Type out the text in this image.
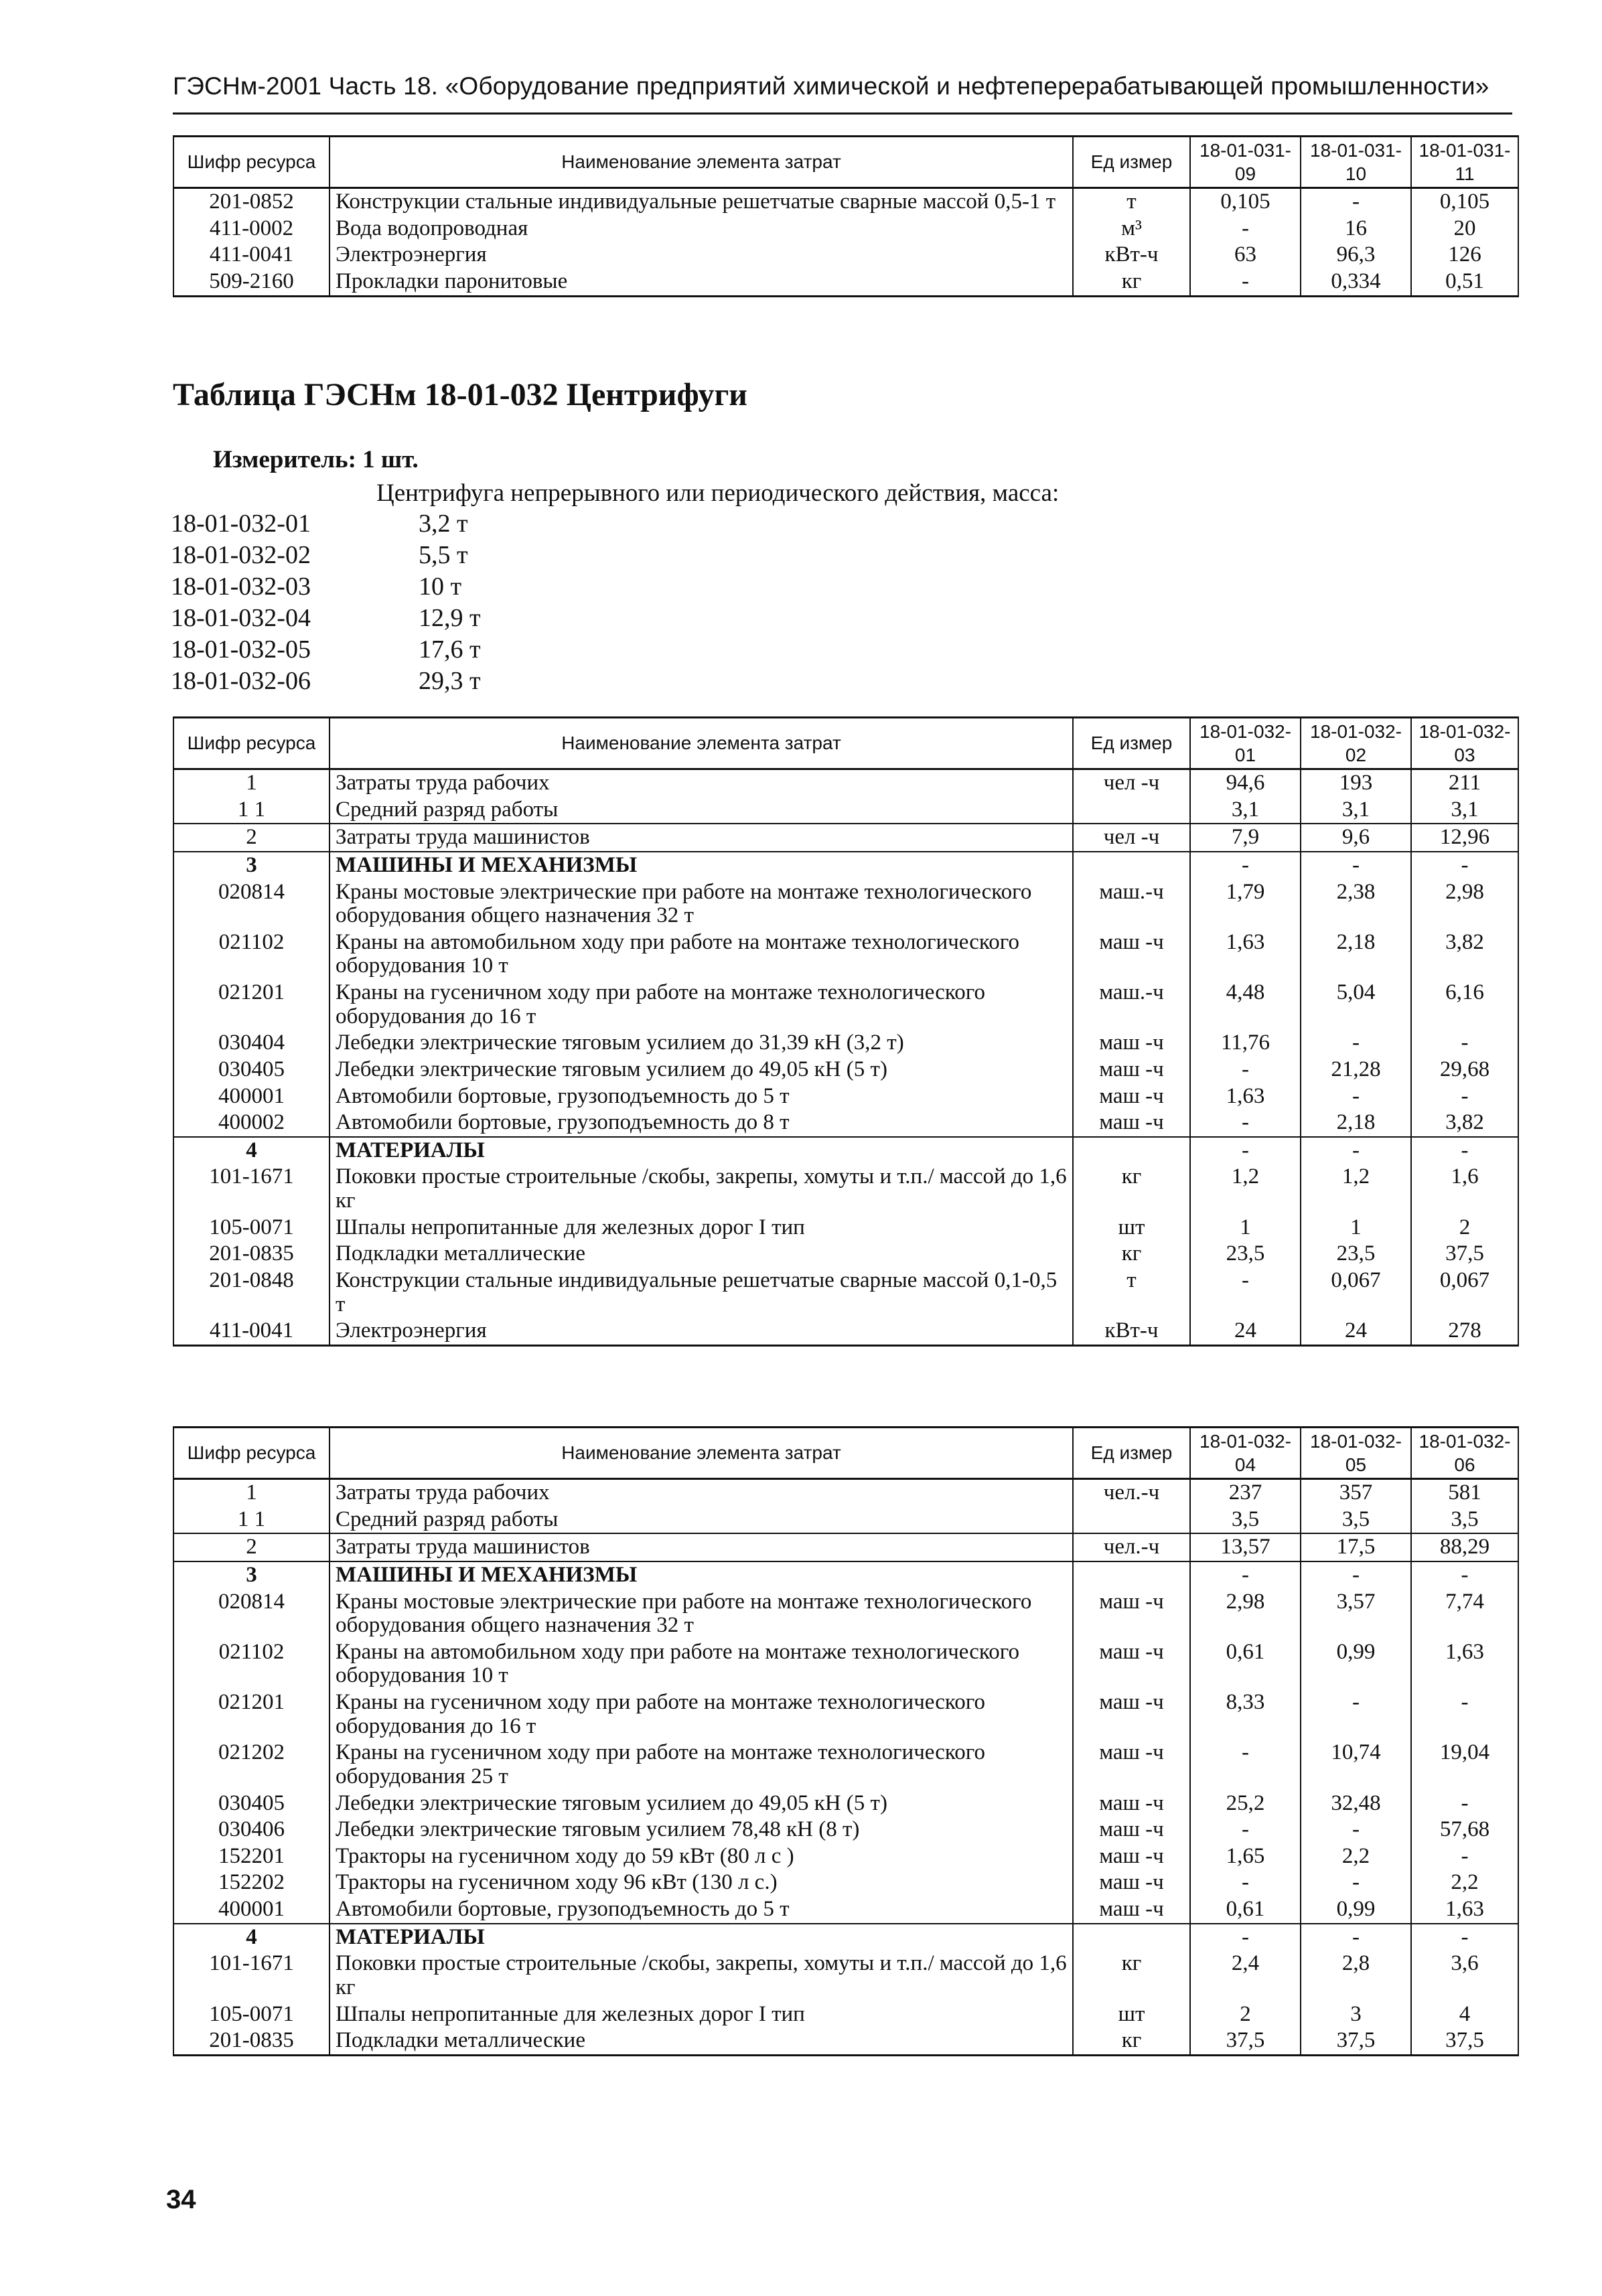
ГЭСНм-2001 Часть 18. «Оборудование предприятий химической и нефтеперерабатывающей промышленности»
Шифр ресурса	Наименование элемента затрат	Ед измер	18-01-031-09	18-01-031-10	18-01-031-11
201-0852	Конструкции стальные индивидуальные решетчатые сварные массой 0,5-1 т	т	0,105	-	0,105
411-0002	Вода водопроводная	м³	-	16	20
411-0041	Электроэнергия	кВт-ч	63	96,3	126
509-2160	Прокладки паронитовые	кг	-	0,334	0,51
Таблица ГЭСНм 18-01-032 Центрифуги
Измеритель: 1 шт.
Центрифуга непрерывного или периодического действия, масса:
18-01-032-01	3,2 т
18-01-032-02	5,5 т
18-01-032-03	10 т
18-01-032-04	12,9 т
18-01-032-05	17,6 т
18-01-032-06	29,3 т
Шифр ресурса	Наименование элемента затрат	Ед измер	18-01-032-01	18-01-032-02	18-01-032-03
1	Затраты труда рабочих	чел -ч	94,6	193	211
1 1	Средний разряд работы		3,1	3,1	3,1
2	Затраты труда машинистов	чел -ч	7,9	9,6	12,96
3	МАШИНЫ И МЕХАНИЗМЫ		-	-	-
020814	Краны мостовые электрические при работе на монтаже технологического оборудования общего назначения 32 т	маш.-ч	1,79	2,38	2,98
021102	Краны на автомобильном ходу при работе на монтаже технологического оборудования 10 т	маш -ч	1,63	2,18	3,82
021201	Краны на гусеничном ходу при работе на монтаже технологического оборудования до 16 т	маш.-ч	4,48	5,04	6,16
030404	Лебедки электрические тяговым усилием до 31,39 кН (3,2 т)	маш -ч	11,76	-	-
030405	Лебедки электрические тяговым усилием до 49,05 кН (5 т)	маш -ч	-	21,28	29,68
400001	Автомобили бортовые, грузоподъемность до 5 т	маш -ч	1,63	-	-
400002	Автомобили бортовые, грузоподъемность до 8 т	маш -ч	-	2,18	3,82
4	МАТЕРИАЛЫ		-	-	-
101-1671	Поковки простые строительные /скобы, закрепы, хомуты и т.п./ массой до 1,6 кг	кг	1,2	1,2	1,6
105-0071	Шпалы непропитанные для железных дорог I тип	шт	1	1	2
201-0835	Подкладки металлические	кг	23,5	23,5	37,5
201-0848	Конструкции стальные индивидуальные решетчатые сварные массой 0,1-0,5 т	т	-	0,067	0,067
411-0041	Электроэнергия	кВт-ч	24	24	278
Шифр ресурса	Наименование элемента затрат	Ед измер	18-01-032-04	18-01-032-05	18-01-032-06
1	Затраты труда рабочих	чел.-ч	237	357	581
1 1	Средний разряд работы		3,5	3,5	3,5
2	Затраты труда машинистов	чел.-ч	13,57	17,5	88,29
3	МАШИНЫ И МЕХАНИЗМЫ		-	-	-
020814	Краны мостовые электрические при работе на монтаже технологического оборудования общего назначения 32 т	маш -ч	2,98	3,57	7,74
021102	Краны на автомобильном ходу при работе на монтаже технологического оборудования 10 т	маш -ч	0,61	0,99	1,63
021201	Краны на гусеничном ходу при работе на монтаже технологического оборудования до 16 т	маш -ч	8,33	-	-
021202	Краны на гусеничном ходу при работе на монтаже технологического оборудования 25 т	маш -ч	-	10,74	19,04
030405	Лебедки электрические тяговым усилием до 49,05 кН (5 т)	маш -ч	25,2	32,48	-
030406	Лебедки электрические тяговым усилием 78,48 кН (8 т)	маш -ч	-	-	57,68
152201	Тракторы на гусеничном ходу до 59 кВт (80 л с )	маш -ч	1,65	2,2	-
152202	Тракторы на гусеничном ходу 96 кВт (130 л с.)	маш -ч	-	-	2,2
400001	Автомобили бортовые, грузоподъемность до 5 т	маш -ч	0,61	0,99	1,63
4	МАТЕРИАЛЫ		-	-	-
101-1671	Поковки простые строительные /скобы, закрепы, хомуты и т.п./ массой до 1,6 кг	кг	2,4	2,8	3,6
105-0071	Шпалы непропитанные для железных дорог I тип	шт	2	3	4
201-0835	Подкладки металлические	кг	37,5	37,5	37,5
34
